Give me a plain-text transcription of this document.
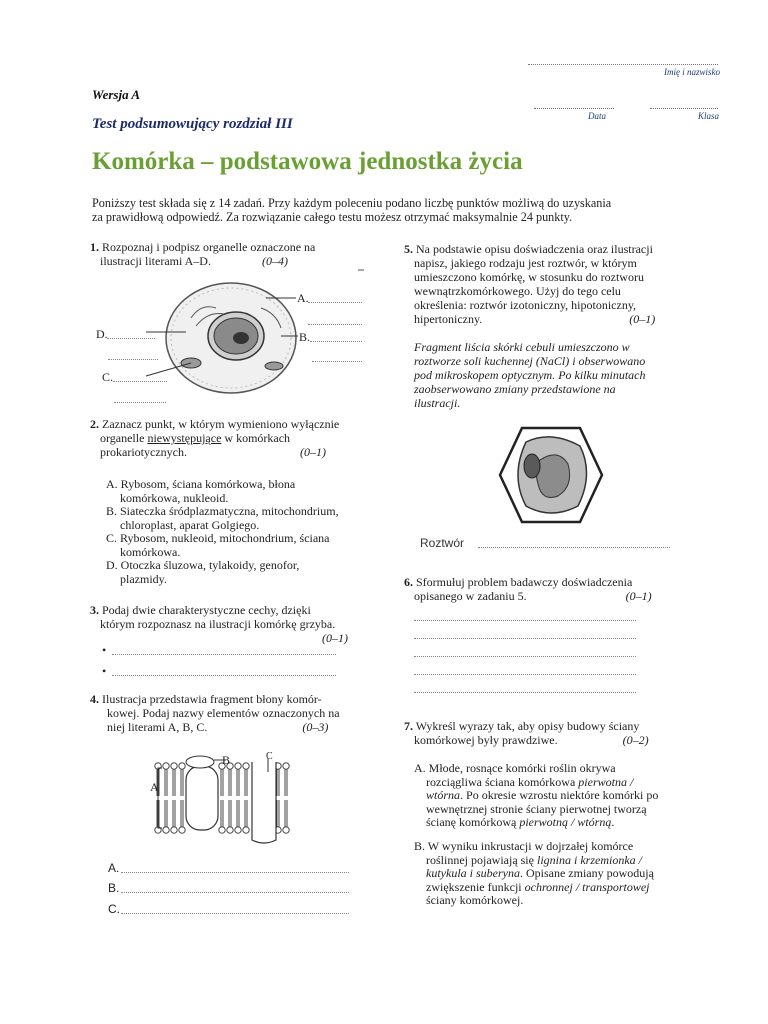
Imię i nazwisko
Data	Klasa
Wersja A
Test podsumowujący rozdział III
Komórka – podstawowa jednostka życia
Poniższy test składa się z 14 zadań. Przy każdym poleceniu podano liczbę punktów możliwą do uzyskania
za prawidłową odpowiedź. Za rozwiązanie całego testu możesz otrzymać maksymalnie 24 punkty.
1. Rozpoznaj i podpisz organelle oznaczone na
ilustracji literami A–D.	(0–4)
A.
B.
D.
C.
2. Zaznacz punkt, w którym wymieniono wyłącznie
organelle niewystępujące w komórkach
prokariotycznych.	(0–1)
A. Rybosom, ściana komórkowa, błona
komórkowa, nukleoid.
B. Siateczka śródplazmatyczna, mitochondrium,
chloroplast, aparat Golgiego.
C. Rybosom, nukleoid, mitochondrium, ściana
komórkowa.
D. Otoczka śluzowa, tylakoidy, genofor,
plazmidy.
3. Podaj dwie charakterystyczne cechy, dzięki
którym rozpoznasz na ilustracji komórkę grzyba.
(0–1)
•
•
4. Ilustracja przedstawia fragment błony komór-
kowej. Podaj nazwy elementów oznaczonych na
niej literami A, B, C.	(0–3)
A
B	C
A.
B.
C.
5. Na podstawie opisu doświadczenia oraz ilustracji
napisz, jakiego rodzaju jest roztwór, w którym
umieszczono komórkę, w stosunku do roztworu
wewnątrzkomórkowego. Użyj do tego celu
określenia: roztwór izotoniczny, hipotoniczny,
hipertoniczny.	(0–1)
Fragment liścia skórki cebuli umieszczono w
roztworze soli kuchennej (NaCl) i obserwowano
pod mikroskopem optycznym. Po kilku minutach
zaobserwowano zmiany przedstawione na
ilustracji.
Roztwór
6. Sformułuj problem badawczy doświadczenia
opisanego w zadaniu 5.	(0–1)
7. Wykreśl wyrazy tak, aby opisy budowy ściany
komórkowej były prawdziwe.	(0–2)
A. Młode, rosnące komórki roślin okrywa
rozciągliwa ściana komórkowa pierwotna /
wtórna. Po okresie wzrostu niektóre komórki po
wewnętrznej stronie ściany pierwotnej tworzą
ścianę komórkową pierwotną / wtórną.
B. W wyniku inkrustacji w dojrzałej komórce
roślinnej pojawiają się lignina i krzemionka /
kutykula i suberyna. Opisane zmiany powodują
zwiększenie funkcji ochronnej / transportowej
ściany komórkowej.
